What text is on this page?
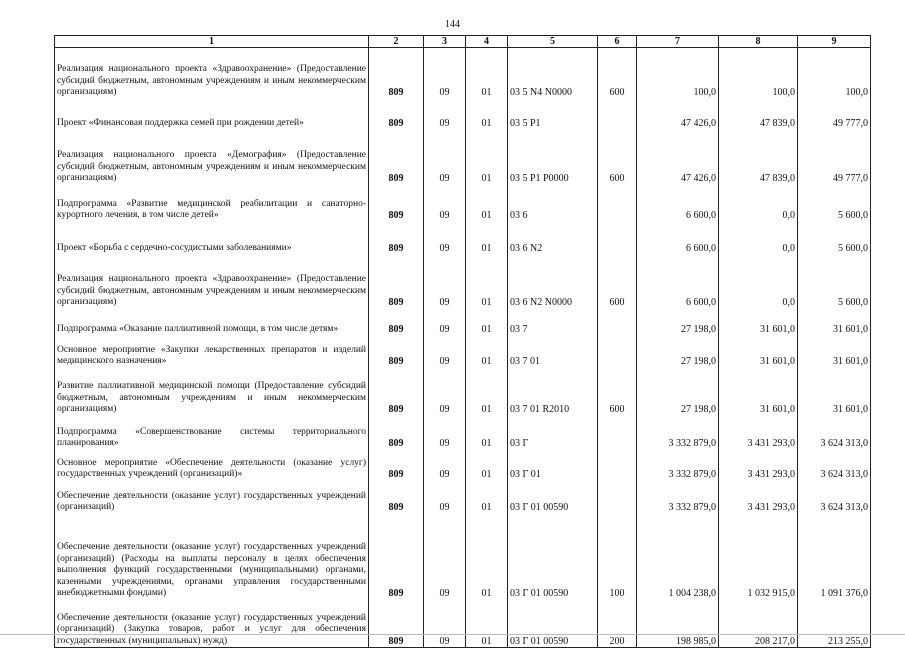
144
1	2	3	4	5	6	7	8	9
Реализация национального проекта «Здравоохранение» (Предоставление субсидий бюджетным, автономным учреждениям и иным некоммерческим организациям)	809	09	01	03 5 N4 N0000	600	100,0	100,0	100,0
Проект «Финансовая поддержка семей при рождении детей»	809	09	01	03 5 P1		47 426,0	47 839,0	49 777,0
Реализация национального проекта «Демография» (Предоставление субсидий бюджетным, автономным учреждениям и иным некоммерческим организациям)	809	09	01	03 5 P1 P0000	600	47 426,0	47 839,0	49 777,0
Подпрограмма «Развитие медицинской реабилитации и санаторно-курортного лечения, в том числе детей»	809	09	01	03 6		6 600,0	0,0	5 600,0
Проект «Борьба с сердечно-сосудистыми заболеваниями»	809	09	01	03 6 N2		6 600,0	0,0	5 600,0
Реализация национального проекта «Здравоохранение» (Предоставление субсидий бюджетным, автономным учреждениям и иным некоммерческим организациям)	809	09	01	03 6 N2 N0000	600	6 600,0	0,0	5 600,0
Подпрограмма «Оказание паллиативной помощи, в том числе детям»	809	09	01	03 7		27 198,0	31 601,0	31 601,0
Основное мероприятие «Закупки лекарственных препаратов и изделий медицинского назначения»	809	09	01	03 7 01		27 198,0	31 601,0	31 601,0
Развитие паллиативной медицинской помощи (Предоставление субсидий бюджетным, автономным учреждениям и иным некоммерческим организациям)	809	09	01	03 7 01 R2010	600	27 198,0	31 601,0	31 601,0
Подпрограмма «Совершенствование системы территориального планирования»	809	09	01	03 Г		3 332 879,0	3 431 293,0	3 624 313,0
Основное мероприятие «Обеспечение деятельности (оказание услуг) государственных учреждений (организаций)»	809	09	01	03 Г 01		3 332 879,0	3 431 293,0	3 624 313,0
Обеспечение деятельности (оказание услуг) государственных учреждений (организаций)	809	09	01	03 Г 01 00590		3 332 879,0	3 431 293,0	3 624 313,0
Обеспечение деятельности (оказание услуг) государственных учреждений (организаций) (Расходы на выплаты персоналу в целях обеспечения выполнения функций государственными (муниципальными) органами, казенными учреждениями, органами управления государственными внебюджетными фондами)	809	09	01	03 Г 01 00590	100	1 004 238,0	1 032 915,0	1 091 376,0
Обеспечение деятельности (оказание услуг) государственных учреждений (организаций) (Закупка товаров, работ и услуг для обеспечения государственных (муниципальных) нужд)	809	09	01	03 Г 01 00590	200	198 985,0	208 217,0	213 255,0
